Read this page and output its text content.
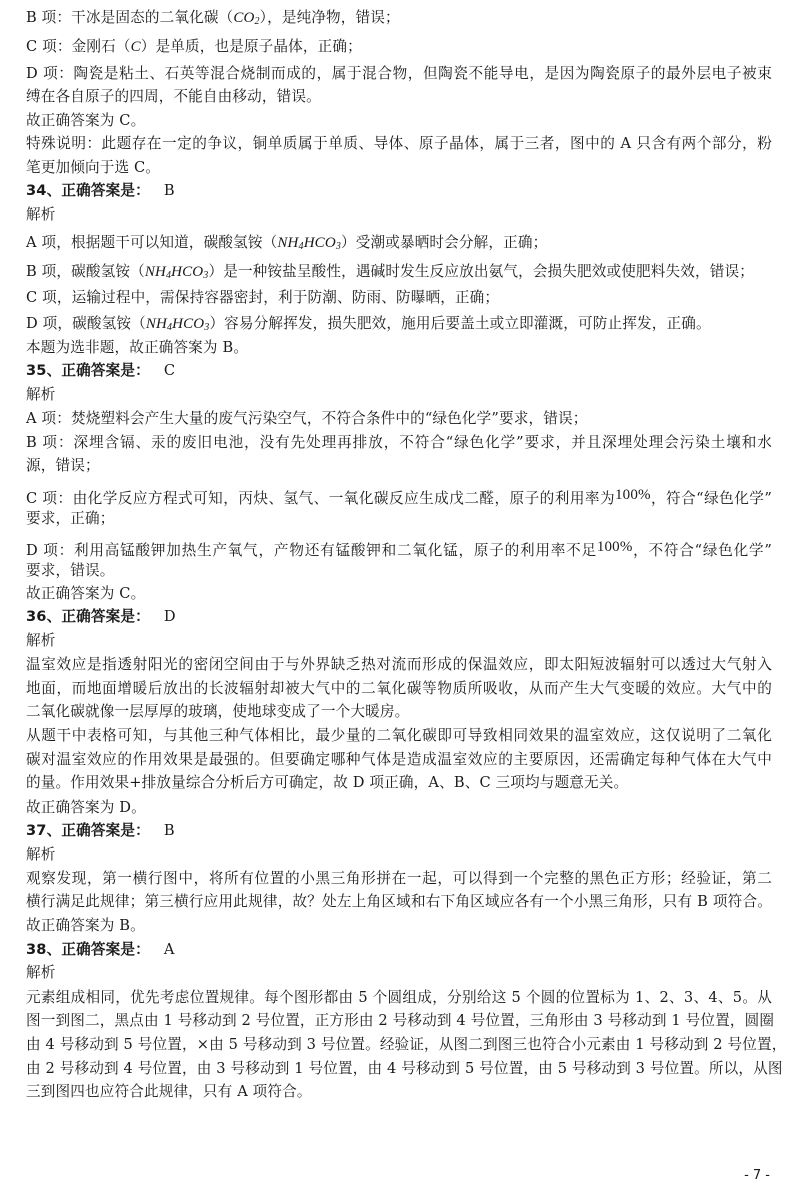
B 项：干冰是固态的二氧化碳$(CO_2)$，是纯净物，错误；
C 项：金刚石（C）是单质，也是原子晶体，正确；
D 项：陶瓷是粘土、石英等混合烧制而成的，属于混合物，但陶瓷不能导电，是因为陶瓷原子的最外层电子被束
缚在各自原子的四周，不能自由移动，错误。
故正确答案为 C。
特殊说明：此题存在一定的争议，铜单质属于单质、导体、原子晶体，属于三者，图中的 A 只含有两个部分，粉
笔更加倾向于选 C。
34、正确答案是： B
解析
A 项，根据题干可以知道，碳酸氢铵$(NH_4HCO_3)$受潮或暴晒时会分解，正确；
B 项，碳酸氢铵$(NH_4HCO_3)$是一种铵盐呈酸性，遇碱时发生反应放出氨气，会损失肥效或使肥料失效，错误；
C 项，运输过程中，需保持容器密封，利于防潮、防雨、防曝晒，正确；
D 项，碳酸氢铵$(NH_4HCO_3)$容易分解挥发，损失肥效，施用后要盖土或立即灌溉，可防止挥发，正确。
本题为选非题，故正确答案为 B。
35、正确答案是： C
解析
A 项：焚烧塑料会产生大量的废气污染空气，不符合条件中的“绿色化学”要求，错误；
B 项：深埋含镉、汞的废旧电池，没有先处理再排放，不符合“绿色化学”要求，并且深埋处理会污染土壤和水
源，错误；
C 项：由化学反应方程式可知，丙炔、氢气、一氧化碳反应生成戊二醛，原子的利用率为100%，符合“绿色化学”
要求，正确；
D 项：利用高锰酸钾加热生产氧气，产物还有锰酸钾和二氧化锰，原子的利用率不足100%，不符合“绿色化学”
要求，错误。
故正确答案为 C。
36、正确答案是： D
解析
温室效应是指透射阳光的密闭空间由于与外界缺乏热对流而形成的保温效应，即太阳短波辐射可以透过大气射入
地面，而地面增暖后放出的长波辐射却被大气中的二氧化碳等物质所吸收，从而产生大气变暖的效应。大气中的
二氧化碳就像一层厚厚的玻璃，使地球变成了一个大暖房。
从题干中表格可知，与其他三种气体相比，最少量的二氧化碳即可导致相同效果的温室效应，这仅说明了二氧化
碳对温室效应的作用效果是最强的。但要确定哪种气体是造成温室效应的主要原因，还需确定每种气体在大气中
的量。作用效果+排放量综合分析后方可确定，故 D 项正确，A、B、C 三项均与题意无关。
故正确答案为 D。
37、正确答案是： B
解析
观察发现，第一横行图中，将所有位置的小黑三角形拼在一起，可以得到一个完整的黑色正方形；经验证，第二
横行满足此规律；第三横行应用此规律，故？处左上角区域和右下角区域应各有一个小黑三角形，只有 B 项符合。
故正确答案为 B。
38、正确答案是： A
解析
元素组成相同，优先考虑位置规律。每个图形都由 5 个圆组成，分别给这 5 个圆的位置标为 1、2、3、4、5。从
图一到图二，黑点由 1 号移动到 2 号位置，正方形由 2 号移动到 4 号位置，三角形由 3 号移动到 1 号位置，圆圈
由 4 号移动到 5 号位置，×由 5 号移动到 3 号位置。经验证，从图二到图三也符合小元素由 1 号移动到 2 号位置，
由 2 号移动到 4 号位置，由 3 号移动到 1 号位置，由 4 号移动到 5 号位置，由 5 号移动到 3 号位置。所以，从图
三到图四也应符合此规律，只有 A 项符合。
- 7 -
